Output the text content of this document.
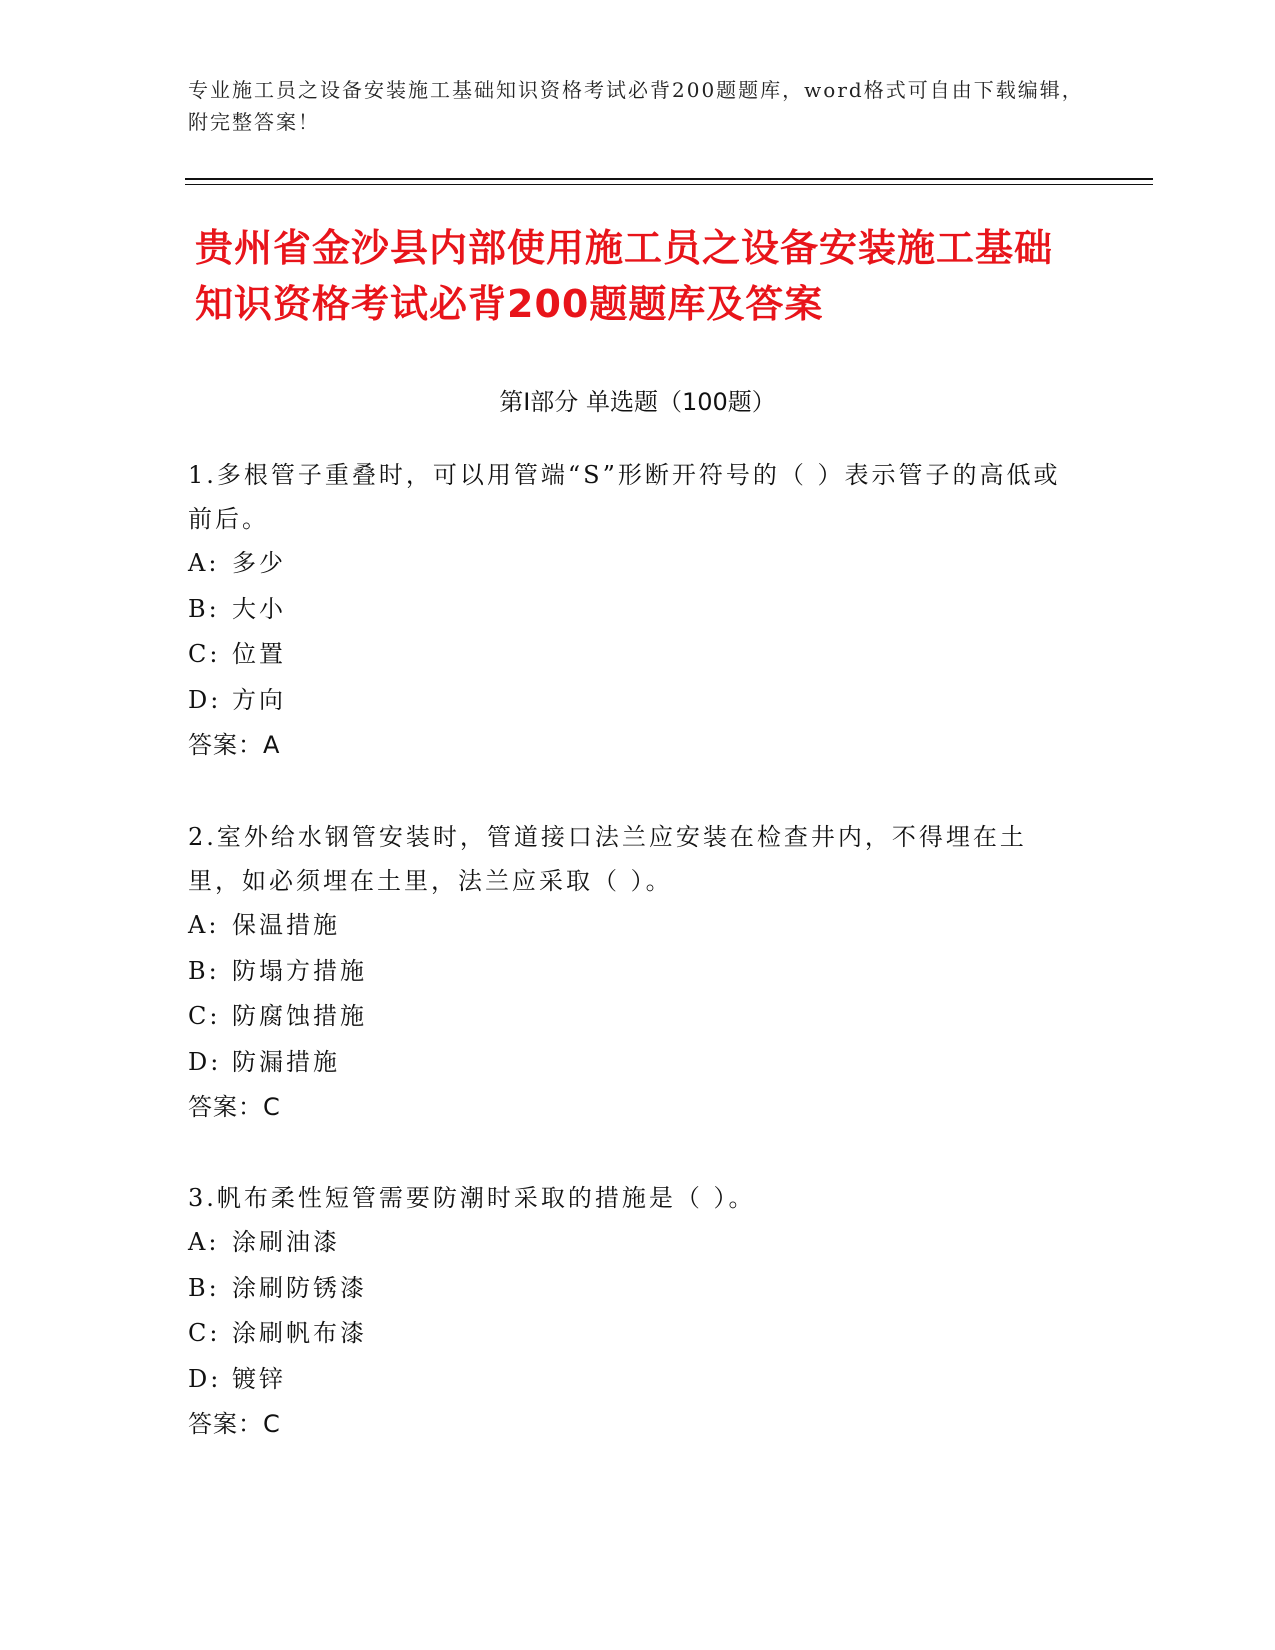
专业施工员之设备安装施工基础知识资格考试必背200题题库，word格式可自由下载编辑，附完整答案！
贵州省金沙县内部使用施工员之设备安装施工基础知识资格考试必背200题题库及答案
第I部分 单选题（100题）
1.多根管子重叠时，可以用管端“S”形断开符号的（ ）表示管子的高低或前后。
A: 多少
B: 大小
C: 位置
D: 方向
答案：A
2.室外给水钢管安装时，管道接口法兰应安装在检查井内，不得埋在土里，如必须埋在土里，法兰应采取（ ）。
A: 保温措施
B: 防塌方措施
C: 防腐蚀措施
D: 防漏措施
答案：C
3.帆布柔性短管需要防潮时采取的措施是（ ）。
A: 涂刷油漆
B: 涂刷防锈漆
C: 涂刷帆布漆
D: 镀锌
答案：C
